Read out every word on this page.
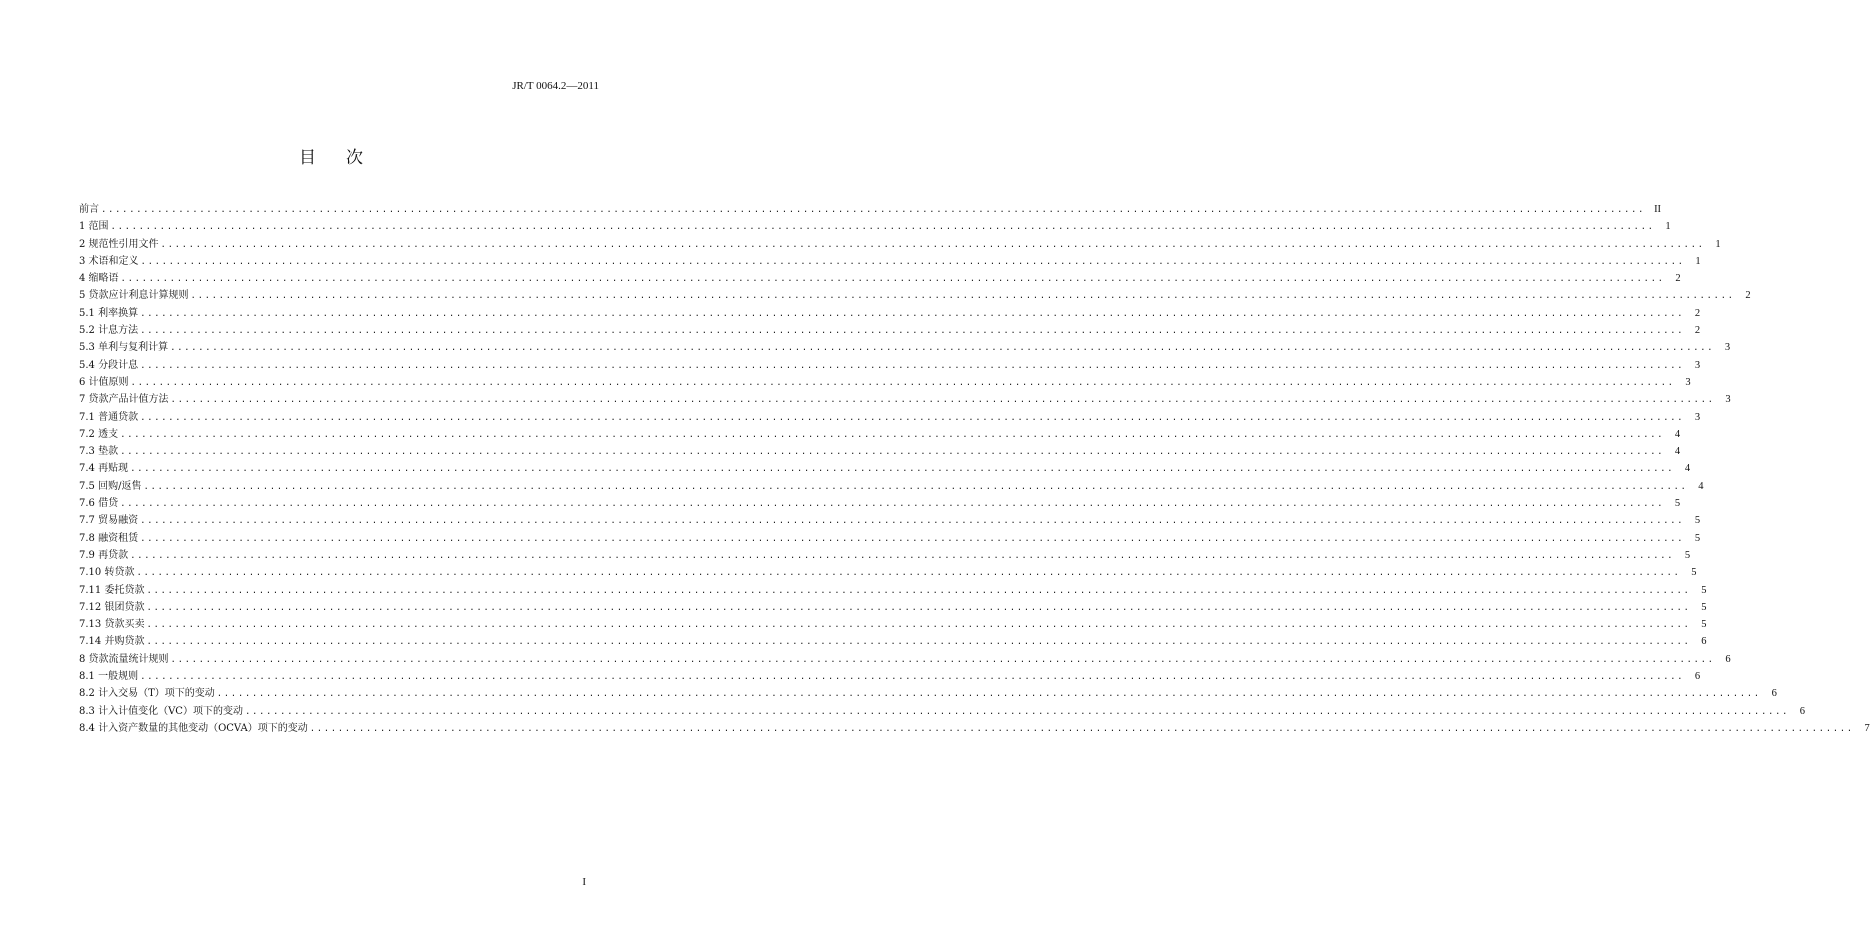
JR/T 0064.2—2011
目次
前言 ............................................................................................................................................................................................................................ II
1 范围 ............................................................................................................................................................................................................................	1
2 规范性引用文件 ............................................................................................................................................................................................................................	1
3 术语和定义 ............................................................................................................................................................................................................................	1
4 缩略语 ............................................................................................................................................................................................................................	2
5 贷款应计利息计算规则 ............................................................................................................................................................................................................................	2
5.1 利率换算 ............................................................................................................................................................................................................................	2
5.2 计息方法 ............................................................................................................................................................................................................................	2
5.3 单利与复利计算 ............................................................................................................................................................................................................................	3
5.4 分段计息 ............................................................................................................................................................................................................................	3
6 计值原则 ............................................................................................................................................................................................................................	3
7 贷款产品计值方法 ............................................................................................................................................................................................................................	3
7.1 普通贷款 ............................................................................................................................................................................................................................	3
7.2 透支 ............................................................................................................................................................................................................................	4
7.3 垫款 ............................................................................................................................................................................................................................	4
7.4 再贴现 ............................................................................................................................................................................................................................	4
7.5 回购/返售 ............................................................................................................................................................................................................................	4
7.6 借贷 ............................................................................................................................................................................................................................	5
7.7 贸易融资 ............................................................................................................................................................................................................................	5
7.8 融资租赁 ............................................................................................................................................................................................................................	5
7.9 再贷款 ............................................................................................................................................................................................................................	5
7.10 转贷款 ............................................................................................................................................................................................................................	5
7.11 委托贷款 ............................................................................................................................................................................................................................	5
7.12 银团贷款 ............................................................................................................................................................................................................................	5
7.13 贷款买卖 ............................................................................................................................................................................................................................	5
7.14 并购贷款 ............................................................................................................................................................................................................................	6
8 贷款流量统计规则 ............................................................................................................................................................................................................................	6
8.1 一般规则 ............................................................................................................................................................................................................................	6
8.2 计入交易（T）项下的变动 ............................................................................................................................................................................................................................	6
8.3 计入计值变化（VC）项下的变动 ............................................................................................................................................................................................................................	6
8.4 计入资产数量的其他变动（OCVA）项下的变动 ............................................................................................................................................................................................................................	7
I
